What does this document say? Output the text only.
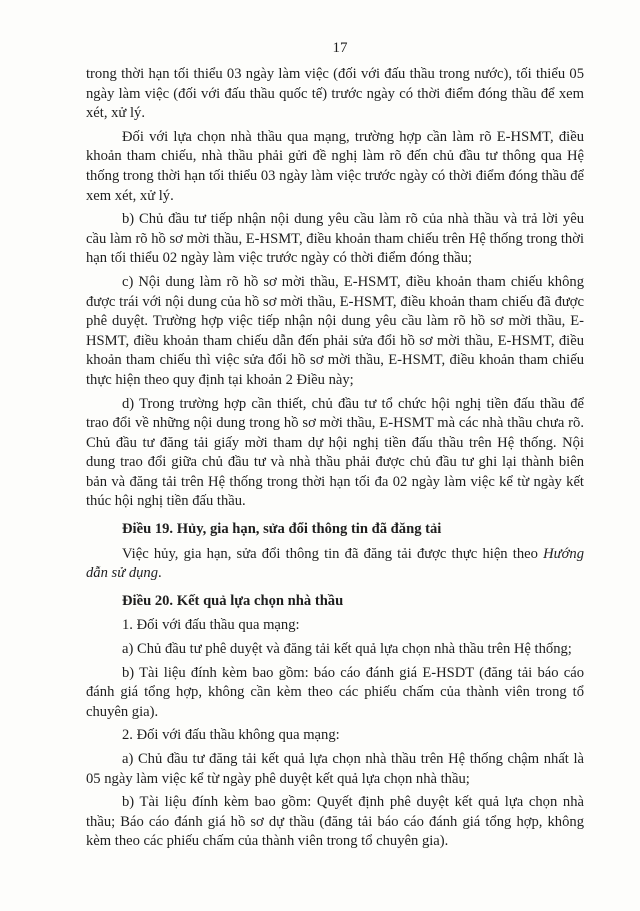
17

trong thời hạn tối thiểu 03 ngày làm việc (đối với đấu thầu trong nước), tối thiểu 05 ngày làm việc (đối với đấu thầu quốc tế) trước ngày có thời điểm đóng thầu để xem xét, xử lý.

Đối với lựa chọn nhà thầu qua mạng, trường hợp cần làm rõ E-HSMT, điều khoản tham chiếu, nhà thầu phải gửi đề nghị làm rõ đến chủ đầu tư thông qua Hệ thống trong thời hạn tối thiểu 03 ngày làm việc trước ngày có thời điểm đóng thầu để xem xét, xử lý.

b) Chủ đầu tư tiếp nhận nội dung yêu cầu làm rõ của nhà thầu và trả lời yêu cầu làm rõ hồ sơ mời thầu, E-HSMT, điều khoản tham chiếu trên Hệ thống trong thời hạn tối thiểu 02 ngày làm việc trước ngày có thời điểm đóng thầu;

c) Nội dung làm rõ hồ sơ mời thầu, E-HSMT, điều khoản tham chiếu không được trái với nội dung của hồ sơ mời thầu, E-HSMT, điều khoản tham chiếu đã được phê duyệt. Trường hợp việc tiếp nhận nội dung yêu cầu làm rõ hồ sơ mời thầu, E-HSMT, điều khoản tham chiếu dẫn đến phải sửa đổi hồ sơ mời thầu, E-HSMT, điều khoản tham chiếu thì việc sửa đổi hồ sơ mời thầu, E-HSMT, điều khoản tham chiếu thực hiện theo quy định tại khoản 2 Điều này;

d) Trong trường hợp cần thiết, chủ đầu tư tổ chức hội nghị tiền đấu thầu để trao đổi về những nội dung trong hồ sơ mời thầu, E-HSMT mà các nhà thầu chưa rõ. Chủ đầu tư đăng tải giấy mời tham dự hội nghị tiền đấu thầu trên Hệ thống. Nội dung trao đổi giữa chủ đầu tư và nhà thầu phải được chủ đầu tư ghi lại thành biên bản và đăng tải trên Hệ thống trong thời hạn tối đa 02 ngày làm việc kể từ ngày kết thúc hội nghị tiền đấu thầu.

Điều 19. Hủy, gia hạn, sửa đổi thông tin đã đăng tải

Việc hủy, gia hạn, sửa đổi thông tin đã đăng tải được thực hiện theo Hướng dẫn sử dụng.

Điều 20. Kết quả lựa chọn nhà thầu

1. Đối với đấu thầu qua mạng:

a) Chủ đầu tư phê duyệt và đăng tải kết quả lựa chọn nhà thầu trên Hệ thống;

b) Tài liệu đính kèm bao gồm: báo cáo đánh giá E-HSDT (đăng tải báo cáo đánh giá tổng hợp, không cần kèm theo các phiếu chấm của thành viên trong tổ chuyên gia).

2. Đối với đấu thầu không qua mạng:

a) Chủ đầu tư đăng tải kết quả lựa chọn nhà thầu trên Hệ thống chậm nhất là 05 ngày làm việc kể từ ngày phê duyệt kết quả lựa chọn nhà thầu;

b) Tài liệu đính kèm bao gồm: Quyết định phê duyệt kết quả lựa chọn nhà thầu; Báo cáo đánh giá hồ sơ dự thầu (đăng tải báo cáo đánh giá tổng hợp, không kèm theo các phiếu chấm của thành viên trong tổ chuyên gia).
